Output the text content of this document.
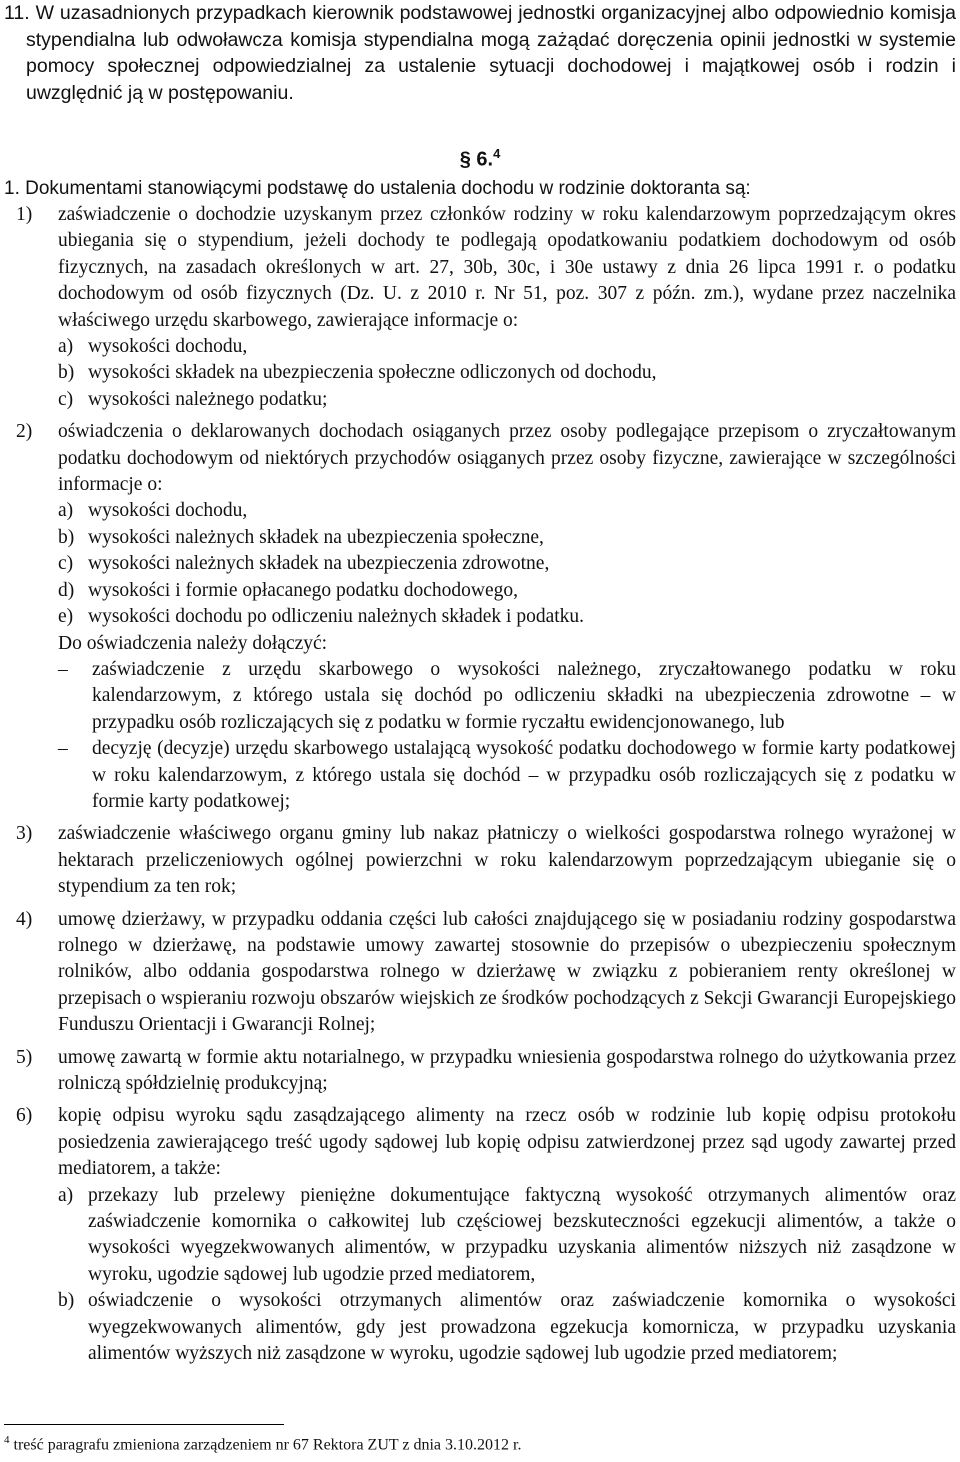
11. W uzasadnionych przypadkach kierownik podstawowej jednostki organizacyjnej albo odpowiednio komisja stypendialna lub odwoławcza komisja stypendialna mogą zażądać doręczenia opinii jednostki w systemie pomocy społecznej odpowiedzialnej za ustalenie sytuacji dochodowej i majątkowej osób i rodzin i uwzględnić ją w postępowaniu.

§ 6.$^4$

1. Dokumentami stanowiącymi podstawę do ustalenia dochodu w rodzinie doktoranta są:

1)	zaświadczenie o dochodzie uzyskanym przez członków rodziny w roku kalendarzowym poprzedzającym okres ubiegania się o stypendium, jeżeli dochody te podlegają opodatkowaniu podatkiem dochodowym od osób fizycznych, na zasadach określonych w art. 27, 30b, 30c, i 30e ustawy z dnia 26 lipca 1991 r. o podatku dochodowym od osób fizycznych (Dz. U. z 2010 r. Nr 51, poz. 307 z późn. zm.), wydane przez naczelnika właściwego urzędu skarbowego, zawierające informacje o:
a) wysokości dochodu,
b) wysokości składek na ubezpieczenia społeczne odliczonych od dochodu,
c) wysokości należnego podatku;
2)	oświadczenia o deklarowanych dochodach osiąganych przez osoby podlegające przepisom o zryczałtowanym podatku dochodowym od niektórych przychodów osiąganych przez osoby fizyczne, zawierające w szczególności informacje o:
a) wysokości dochodu,
b) wysokości należnych składek na ubezpieczenia społeczne,
c) wysokości należnych składek na ubezpieczenia zdrowotne,
d) wysokości i formie opłacanego podatku dochodowego,
e) wysokości dochodu po odliczeniu należnych składek i podatku.
Do oświadczenia należy dołączyć:
–	zaświadczenie z urzędu skarbowego o wysokości należnego, zryczałtowanego podatku w roku kalendarzowym, z którego ustala się dochód po odliczeniu składki na ubezpieczenia zdrowotne – w przypadku osób rozliczających się z podatku w formie ryczałtu ewidencjonowanego, lub
–	decyzję (decyzje) urzędu skarbowego ustalającą wysokość podatku dochodowego w formie karty podatkowej w roku kalendarzowym, z którego ustala się dochód – w przypadku osób rozliczających się z podatku w formie karty podatkowej;
3)	zaświadczenie właściwego organu gminy lub nakaz płatniczy o wielkości gospodarstwa rolnego wyrażonej w hektarach przeliczeniowych ogólnej powierzchni w roku kalendarzowym poprzedzającym ubieganie się o stypendium za ten rok;
4)	umowę dzierżawy, w przypadku oddania części lub całości znajdującego się w posiadaniu rodziny gospodarstwa rolnego w dzierżawę, na podstawie umowy zawartej stosownie do przepisów o ubezpieczeniu społecznym rolników, albo oddania gospodarstwa rolnego w dzierżawę w związku z pobieraniem renty określonej w przepisach o wspieraniu rozwoju obszarów wiejskich ze środków pochodzących z Sekcji Gwarancji Europejskiego Funduszu Orientacji i Gwarancji Rolnej;
5)	umowę zawartą w formie aktu notarialnego, w przypadku wniesienia gospodarstwa rolnego do użytkowania przez rolniczą spółdzielnię produkcyjną;
6)	kopię odpisu wyroku sądu zasądzającego alimenty na rzecz osób w rodzinie lub kopię odpisu protokołu posiedzenia zawierającego treść ugody sądowej lub kopię odpisu zatwierdzonej przez sąd ugody zawartej przed mediatorem, a także:
a) przekazy lub przelewy pieniężne dokumentujące faktyczną wysokość otrzymanych alimentów oraz zaświadczenie komornika o całkowitej lub częściowej bezskuteczności egzekucji alimentów, a także o wysokości wyegzekwowanych alimentów, w przypadku uzyskania alimentów niższych niż zasądzone w wyroku, ugodzie sądowej lub ugodzie przed mediatorem,
b) oświadczenie o wysokości otrzymanych alimentów oraz zaświadczenie komornika o wysokości wyegzekwowanych alimentów, gdy jest prowadzona egzekucja komornicza, w przypadku uzyskania alimentów wyższych niż zasądzone w wyroku, ugodzie sądowej lub ugodzie przed mediatorem;
$^4$ treść paragrafu zmieniona zarządzeniem nr 67 Rektora ZUT z dnia 3.10.2012 r.
